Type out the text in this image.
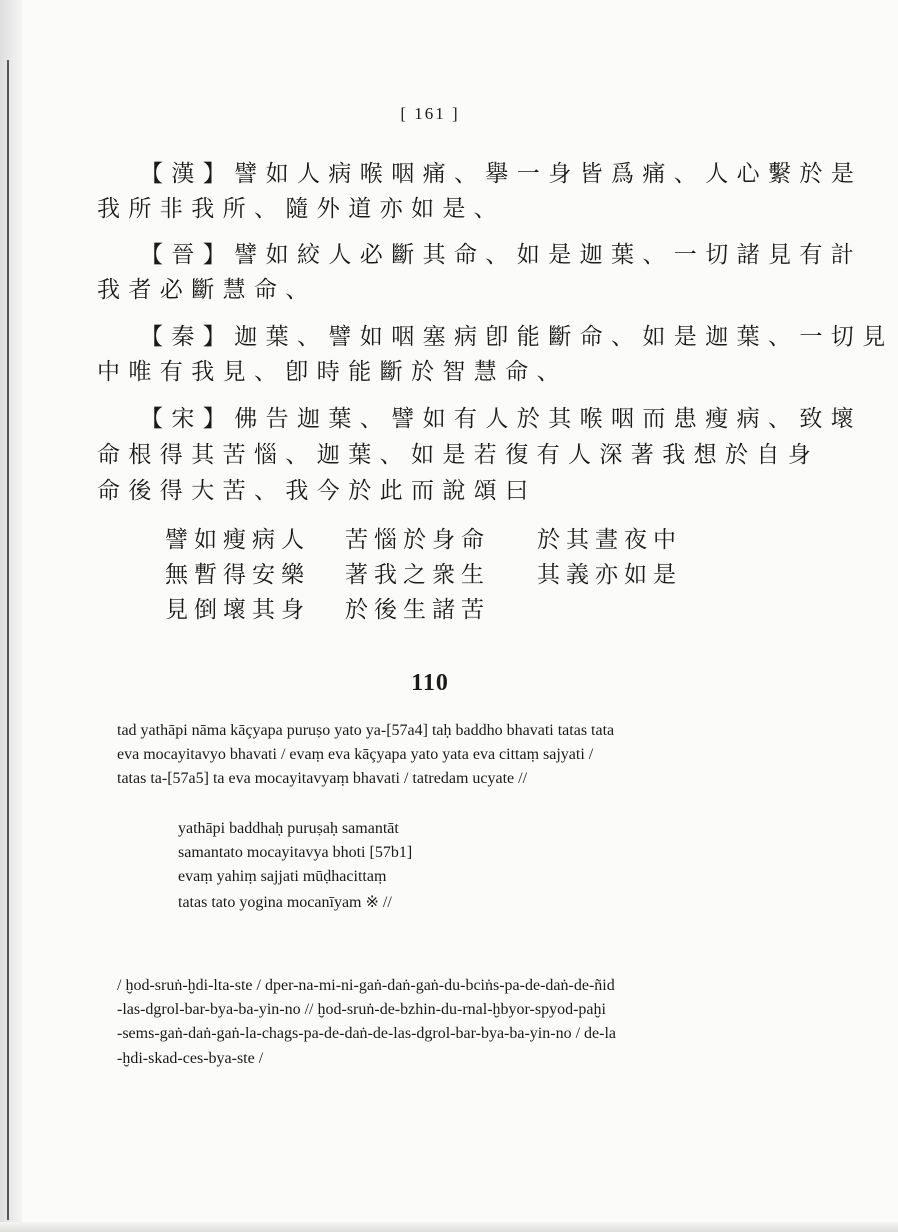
[ 161 ]
【漢】譬如人病喉咽痛、擧一身皆爲痛、人心繫於是
我所非我所、隨外道亦如是、
【晉】譬如絞人必斷其命、如是迦葉、一切諸見有計
我者必斷慧命、
【秦】迦葉、譬如咽塞病卽能斷命、如是迦葉、一切見
中唯有我見、卽時能斷於智慧命、
【宋】佛告迦葉、譬如有人於其喉咽而患瘦病、致壞
命根得其苦惱、迦葉、如是若復有人深著我想於自身
命後得大苦、我今於此而說頌曰
譬如瘦病人 苦惱於身命 於其晝夜中
無暫得安樂 著我之衆生 其義亦如是
見倒壞其身 於後生諸苦
110
tad yathāpi nāma kāçyapa puruṣo yato ya-[57a4] taḥ baddho bhavati tatas tata
eva mocayitavyo bhavati / evaṃ eva kāçyapa yato yata eva cittaṃ sajyati /
tatas ta-[57a5] ta eva mocayitavyaṃ bhavati / tatredam ucyate //
yathāpi baddhaḥ puruṣaḥ samantāt
samantato mocayitavya bhoti [57b1]
evaṃ yahiṃ sajjati mūḍhacittaṃ
tatas tato yogina mocanīyam ※ //
/ ḫod-sruṅ-ḫdi-lta-ste / dper-na-mi-ni-gaṅ-daṅ-gaṅ-du-bciṅs-pa-de-daṅ-de-ñid
-las-dgrol-bar-bya-ba-yin-no // ḫod-sruṅ-de-bzhin-du-rnal-ḫbyor-spyod-paḫi
-sems-gaṅ-daṅ-gaṅ-la-chags-pa-de-daṅ-de-las-dgrol-bar-bya-ba-yin-no / de-la
-ḫdi-skad-ces-bya-ste /
